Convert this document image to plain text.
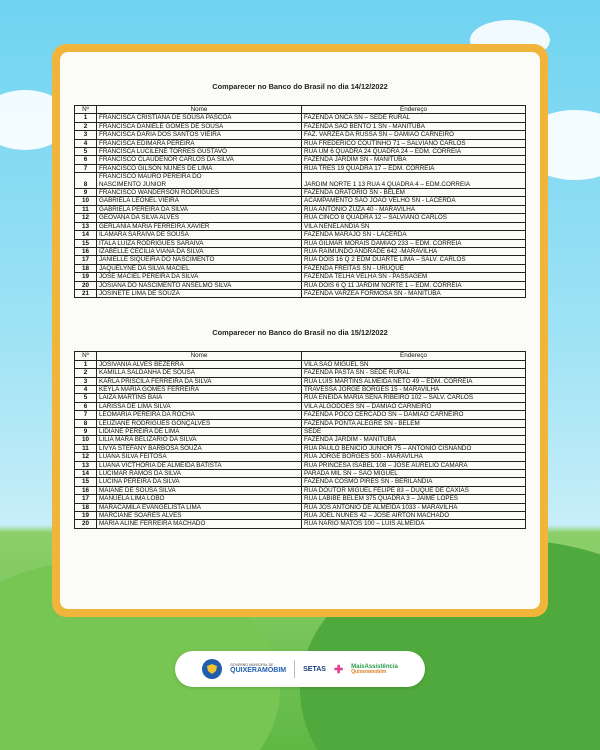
Comparecer no Banco do Brasil no dia 14/12/2022
Nº	Nome	Endereço
1	FRANCISCA CRISTIANA DE SOUSA PASCOA	FAZENDA ONCA SN – SEDE RURAL
2	FRANCISCA DANIELE GOMES DE SOUSA	FAZENDA SAO BENTO 1 SN - MANITUBA
3	FRANCISCA DARIA DOS SANTOS VIEIRA	FAZ. VARZEA DA RUSSA SN – DAMIÃO CARNEIRO
4	FRANCISCA EDIMARA PEREIRA	RUA FREDERICO COUTINHO 71 – SALVIANO CARLOS
5	FRANCISCA LUCILENE TORRES GUSTAVO	RUA UM 6 QUADRA 24 QUADRA 24 – EDM. CORREIA
6	FRANCISCO CLAUDENOR CARLOS DA SILVA	FAZENDA JARDIM SN - MANITUBA
7	FRANCISCO GILSON NUNES DE LIMA	RUA TRES 19 QUADRA 17 – EDM. CORREIA
8	FRANCISCO MAURO PEREIRA DO
NASCIMENTO JUNIOR	JARDIM NORTE 1 13 RUA 4 QUADRA 4 – EDM.CORREIA
9	FRANCISCO WANDERSON RODRIGUES	FAZENDA ORATORIO SN - BELEM
10	GABRIELA LEONEL VIEIRA	ACAMPAMENTO SAO JOAO VELHO SN - LACERDA
11	GABRIELA PEREIRA DA SILVA	RUA ANTONIO ZUZA 40 - MARAVILHA
12	GEOVANA DA SILVA ALVES	RUA CINCO 8 QUADRA 12 – SALVIANO CARLOS
13	GERLANIA MARIA FERREIRA XAVIER	VILA NENELANDIA SN
14	ILAMARA SARAIVA DE SOUSA	FAZENDA MARAJO SN - LACERDA
15	ITALA LUIZA RODRIGUES SARAIVA	RUA GILMAR MORAIS DAMIAO 233 – EDM. CORREIA
16	IZABELLE CECILIA VIANA DA SILVA	RUA RAIMUNDO ANDRADE 642 -MARAVILHA
17	JANIELLE SIQUEIRA DO NASCIMENTO	RUA DOIS 16 Q 2 EDM DUARTE LIMA – SALV. CARLOS
18	JAQUELYNE DA SILVA MACIEL	FAZENDA FREITAS SN - URUQUÊ
19	JOSE MACIEL PEREIRA DA SILVA	FAZENDA TELHA VELHA SN - PASSAGEM
20	JOSIANA DO NASCIMENTO ANSELMO SILVA	RUA DOIS 6 Q 11 JARDIM NORTE 1 – EDM. CORREIA
21	JOSINETE LIMA DE SOUZA	FAZENDA VARZEA FORMOSA SN - MANITUBA
Comparecer no Banco do Brasil no dia 15/12/2022
Nº	Nome	Endereço
1	JOSIVANIA ALVES BEZERRA	VILA SAO MIGUEL SN
2	KAMILLA SALDANHA DE SOUSA	FAZENDA PASTA SN - SEDE RURAL
3	KARLA PRISCILA FERREIRA DA SILVA	RUA LUIS MARTINS ALMEIDA NETO 49 – EDM. CORREIA
4	KEYLA MARIA GOMES FERREIRA	TRAVESSA JORGE BORGES 15 - MARAVILHA
5	LAIZA MARTINS BAIA	RUA ENEIDA MARIA SENA RIBEIRO 102 – SALV. CARLOS
6	LARISSA DE LIMA SILVA	VILA ALGODOES SN – DAMIÃO CARNEIRO
7	LEOMARIA PEREIRA DA ROCHA	FAZENDA POCO CERCADO SN – DAMIÃO CARNEIRO
8	LEUZIANE RODRIGUES GONÇALVES	FAZENDA PONTA ALEGRE SN - BELEM
9	LIDIANE PEREIRA DE LIMA	SEDE
10	LILIA MARA BELIZARIO DA SILVA	FAZENDA JARDIM - MANITUBA
11	LIVYA STEFANY BARBOSA SOUZA	RUA PAULO BENICIO JUNIOR 75 – ANTONIO CISNANDO
12	LUANA SILVA FEITOSA	RUA JORGE BORGES 500 - MARAVILHA
13	LUANA VICTHORIA DE ALMEIDA BATISTA	RUA PRINCESA ISABEL 108 – JOSÉ AURELIO CAMARA
14	LUCIMAR RAMOS DA SILVA	PARADA MIL SN – SÃO MIGUEL
15	LUCINA PEREIRA DA SILVA	FAZENDA COSMO PIRES SN - BERILANDIA
16	MAIANE DE SOUSA SILVA	RUA DOUTOR MIGUEL FELIPE 83 – DUQUE DE CAXIAS
17	MANUELA LIMA LOBO	RUA LABIBE BELEM 375 QUADRA 3 – JAIME LOPES
18	MARACAMILA EVANGELISTA LIMA	RUA JOS ANTONIO DE ALMEIDA 1033 - MARAVILHA
19	MARCIANE SOARES ALVES	RUA JOEL NUNES 42 – JOSE AIRTON MACHADO
20	MARIA ALINE FERREIRA MACHADO	RUA NARIO MATOS 100 – LUIS ALMEIDA
GOVERNO MUNICIPAL DE
QUIXERAMOBIM SETAS ✚ MaisAssistência
Quixeramobim
